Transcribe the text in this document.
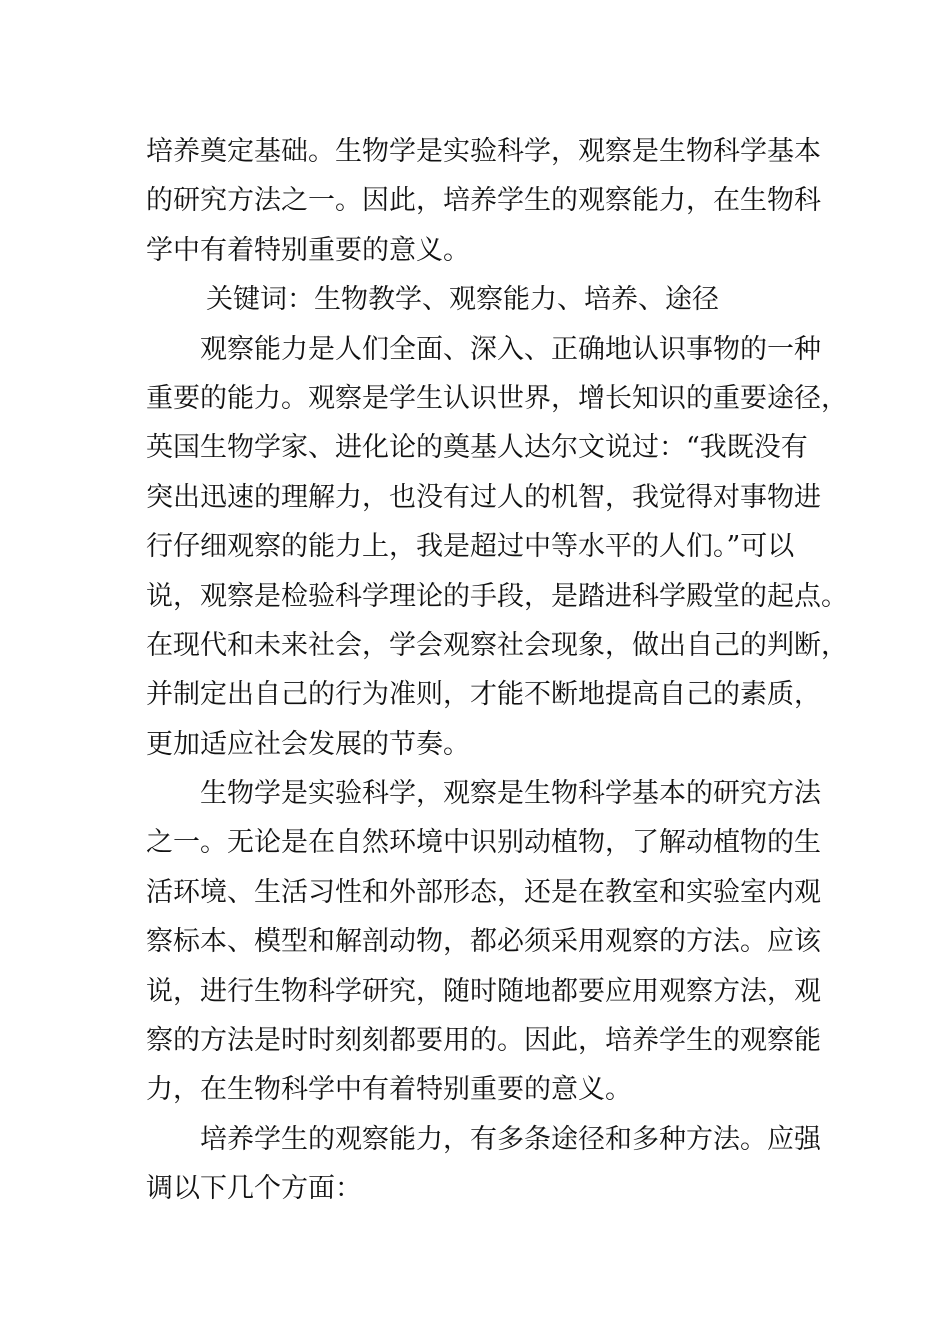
培养奠定基础。生物学是实验科学，观察是生物科学基本
的研究方法之一。因此，培养学生的观察能力，在生物科
学中有着特别重要的意义。
关键词：生物教学、观察能力、培养、途径
观察能力是人们全面、深入、正确地认识事物的一种
重要的能力。观察是学生认识世界，增长知识的重要途径，
英国生物学家、进化论的奠基人达尔文说过：“我既没有
突出迅速的理解力，也没有过人的机智，我觉得对事物进
行仔细观察的能力上，我是超过中等水平的人们。”可以
说，观察是检验科学理论的手段，是踏进科学殿堂的起点。
在现代和未来社会，学会观察社会现象，做出自己的判断，
并制定出自己的行为准则，才能不断地提高自己的素质，
更加适应社会发展的节奏。
生物学是实验科学，观察是生物科学基本的研究方法
之一。无论是在自然环境中识别动植物，了解动植物的生
活环境、生活习性和外部形态，还是在教室和实验室内观
察标本、模型和解剖动物，都必须采用观察的方法。应该
说，进行生物科学研究，随时随地都要应用观察方法，观
察的方法是时时刻刻都要用的。因此，培养学生的观察能
力，在生物科学中有着特别重要的意义。
培养学生的观察能力，有多条途径和多种方法。应强
调以下几个方面：
